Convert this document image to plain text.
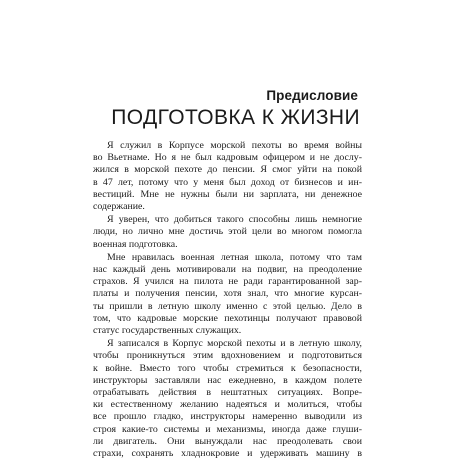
Предисловие
ПОДГОТОВКА К ЖИЗНИ

Я служил в Корпусе морской пехоты во время войны
во Вьетнаме. Но я не был кадровым офицером и не дослу-
жился в морской пехоте до пенсии. Я смог уйти на покой
в 47 лет, потому что у меня был доход от бизнесов и ин-
вестиций. Мне не нужны были ни зарплата, ни денежное
содержание.

Я уверен, что добиться такого способны лишь немногие
люди, но лично мне достичь этой цели во многом помогла
военная подготовка.

Мне нравилась военная летная школа, потому что там
нас каждый день мотивировали на подвиг, на преодоление
страхов. Я учился на пилота не ради гарантированной зар-
платы и получения пенсии, хотя знал, что многие курсан-
ты пришли в летную школу именно с этой целью. Дело в
том, что кадровые морские пехотинцы получают правовой
статус государственных служащих.

Я записался в Корпус морской пехоты и в летную школу,
чтобы проникнуться этим вдохновением и подготовиться
к войне. Вместо того чтобы стремиться к безопасности,
инструкторы заставляли нас ежедневно, в каждом полете
отрабатывать действия в нештатных ситуациях. Вопре-
ки естественному желанию надеяться и молиться, чтобы
все прошло гладко, инструкторы намеренно выводили из
строя какие-то системы и механизмы, иногда даже глуши-
ли двигатель. Они вынуждали нас преодолевать свои
страхи, сохранять хладнокровие и удерживать машину в
